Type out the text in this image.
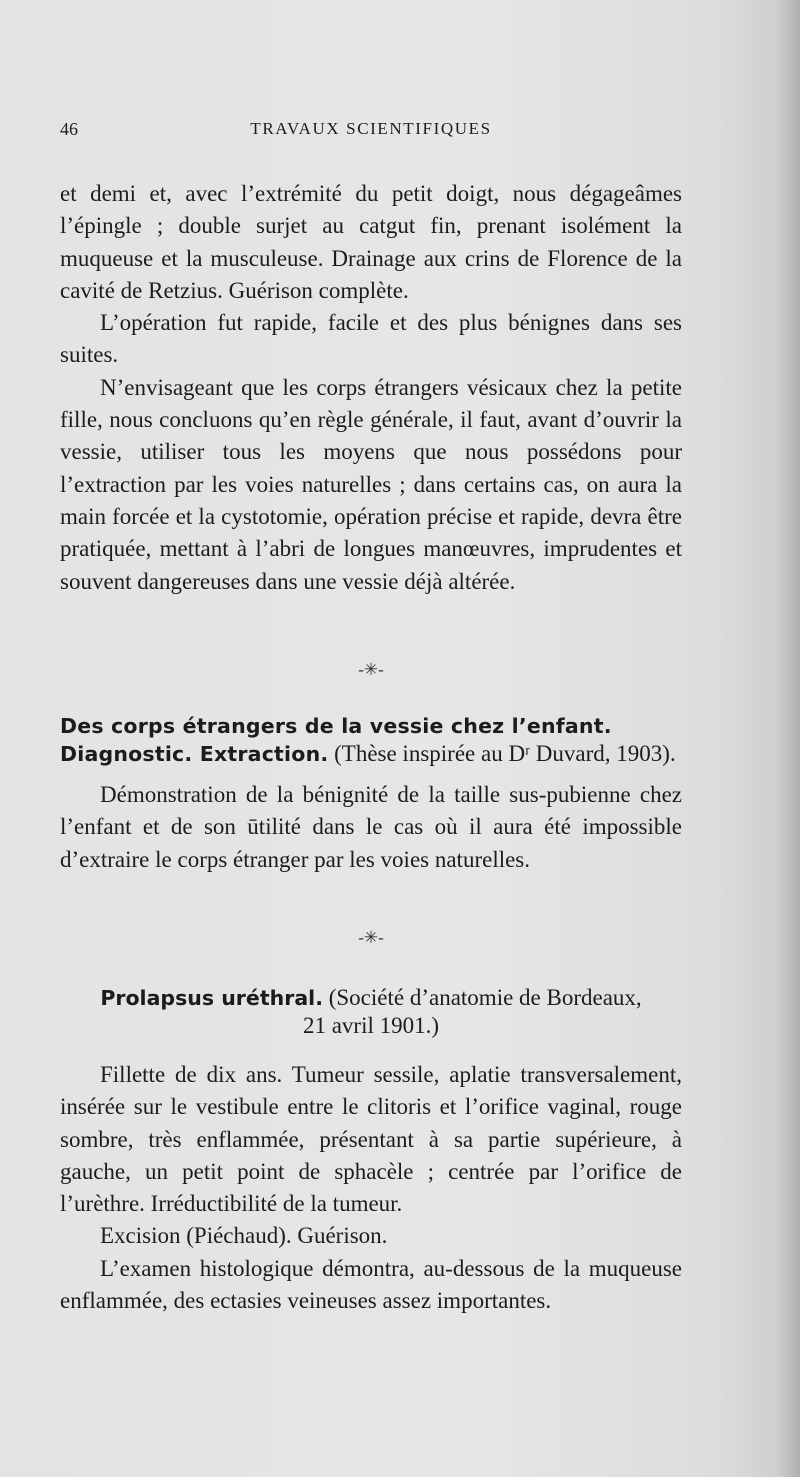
46	TRAVAUX SCIENTIFIQUES

et demi et, avec l’extrémité du petit doigt, nous dégageâmes l’épingle ; double surjet au catgut fin, prenant isolément la muqueuse et la musculeuse. Drainage aux crins de Florence de la cavité de Retzius. Guérison complète.

L’opération fut rapide, facile et des plus bénignes dans ses suites.

N’envisageant que les corps étrangers vésicaux chez la petite fille, nous concluons qu’en règle générale, il faut, avant d’ouvrir la vessie, utiliser tous les moyens que nous possédons pour l’extraction par les voies naturelles ; dans certains cas, on aura la main forcée et la cystotomie, opération précise et rapide, devra être pratiquée, mettant à l’abri de longues manœuvres, imprudentes et souvent dangereuses dans une vessie déjà altérée.

-✳-
Des corps étrangers de la vessie chez l’enfant. Diagnostic. Extraction. (Thèse inspirée au Dʳ Duvard, 1903).

Démonstration de la bénignité de la taille sus-pubienne chez l’enfant et de son ūtilité dans le cas où il aura été impossible d’extraire le corps étranger par les voies naturelles.

-✳-
Prolapsus uréthral. (Société d’anatomie de Bordeaux,
21 avril 1901.)

Fillette de dix ans. Tumeur sessile, aplatie transversalement, insérée sur le vestibule entre le clitoris et l’orifice vaginal, rouge sombre, très enflammée, présentant à sa partie supérieure, à gauche, un petit point de sphacèle ; centrée par l’orifice de l’urèthre. Irréductibilité de la tumeur.

Excision (Piéchaud). Guérison.

L’examen histologique démontra, au-dessous de la muqueuse enflammée, des ectasies veineuses assez importantes.
